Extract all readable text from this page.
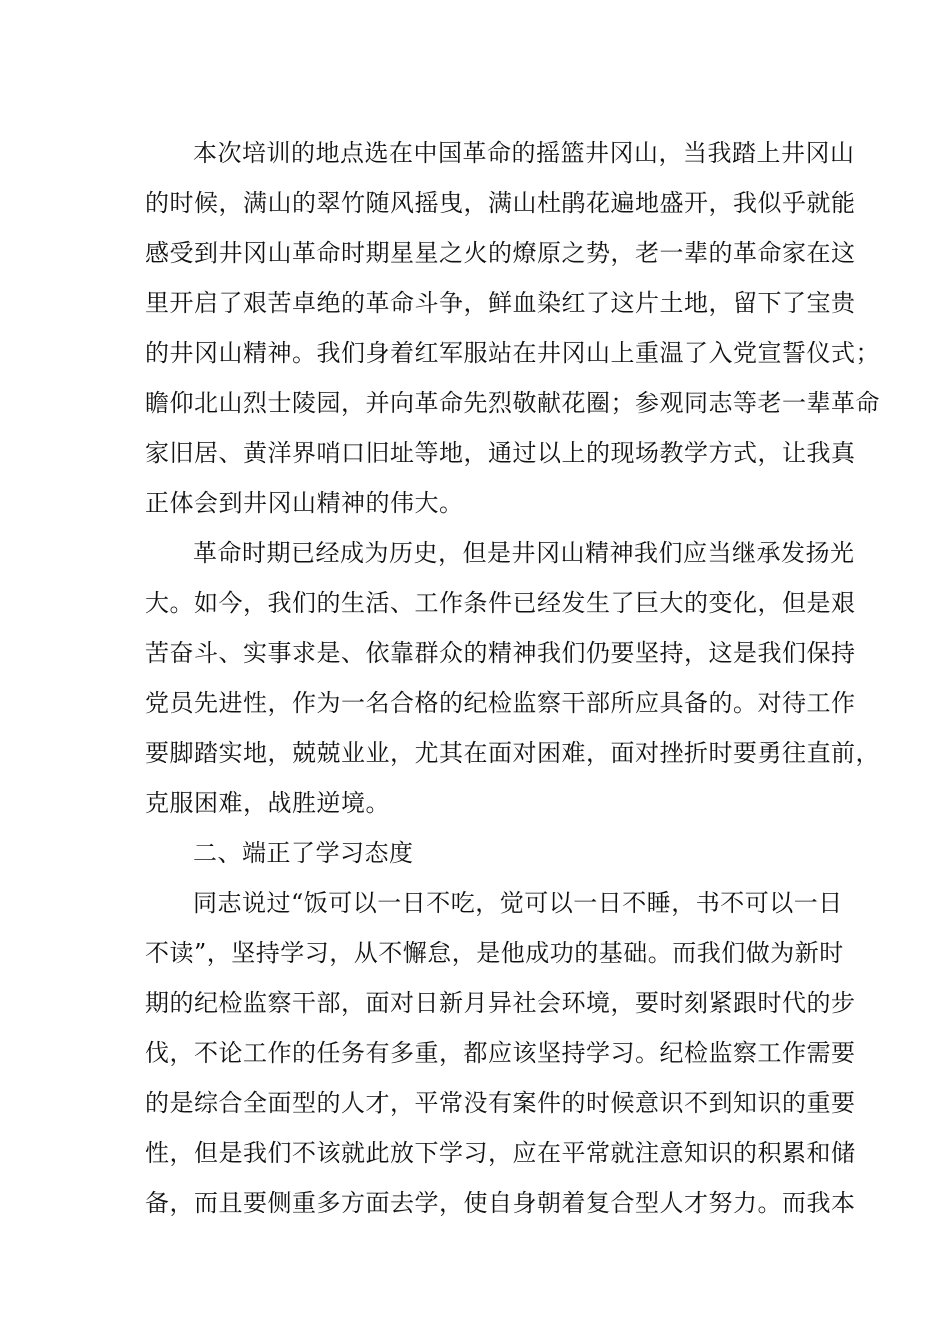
本次培训的地点选在中国革命的摇篮井冈山，当我踏上井冈山
的时候，满山的翠竹随风摇曳，满山杜鹃花遍地盛开，我似乎就能
感受到井冈山革命时期星星之火的燎原之势，老一辈的革命家在这
里开启了艰苦卓绝的革命斗争，鲜血染红了这片土地，留下了宝贵
的井冈山精神。我们身着红军服站在井冈山上重温了入党宣誓仪式；
瞻仰北山烈士陵园，并向革命先烈敬献花圈；参观同志等老一辈革命
家旧居、黄洋界哨口旧址等地，通过以上的现场教学方式，让我真
正体会到井冈山精神的伟大。
革命时期已经成为历史，但是井冈山精神我们应当继承发扬光
大。如今，我们的生活、工作条件已经发生了巨大的变化，但是艰
苦奋斗、实事求是、依靠群众的精神我们仍要坚持，这是我们保持
党员先进性，作为一名合格的纪检监察干部所应具备的。对待工作
要脚踏实地，兢兢业业，尤其在面对困难，面对挫折时要勇往直前，
克服困难，战胜逆境。
二、端正了学习态度
同志说过“饭可以一日不吃，觉可以一日不睡，书不可以一日
不读”，坚持学习，从不懈怠，是他成功的基础。而我们做为新时
期的纪检监察干部，面对日新月异社会环境，要时刻紧跟时代的步
伐，不论工作的任务有多重，都应该坚持学习。纪检监察工作需要
的是综合全面型的人才，平常没有案件的时候意识不到知识的重要
性，但是我们不该就此放下学习，应在平常就注意知识的积累和储
备，而且要侧重多方面去学，使自身朝着复合型人才努力。而我本
